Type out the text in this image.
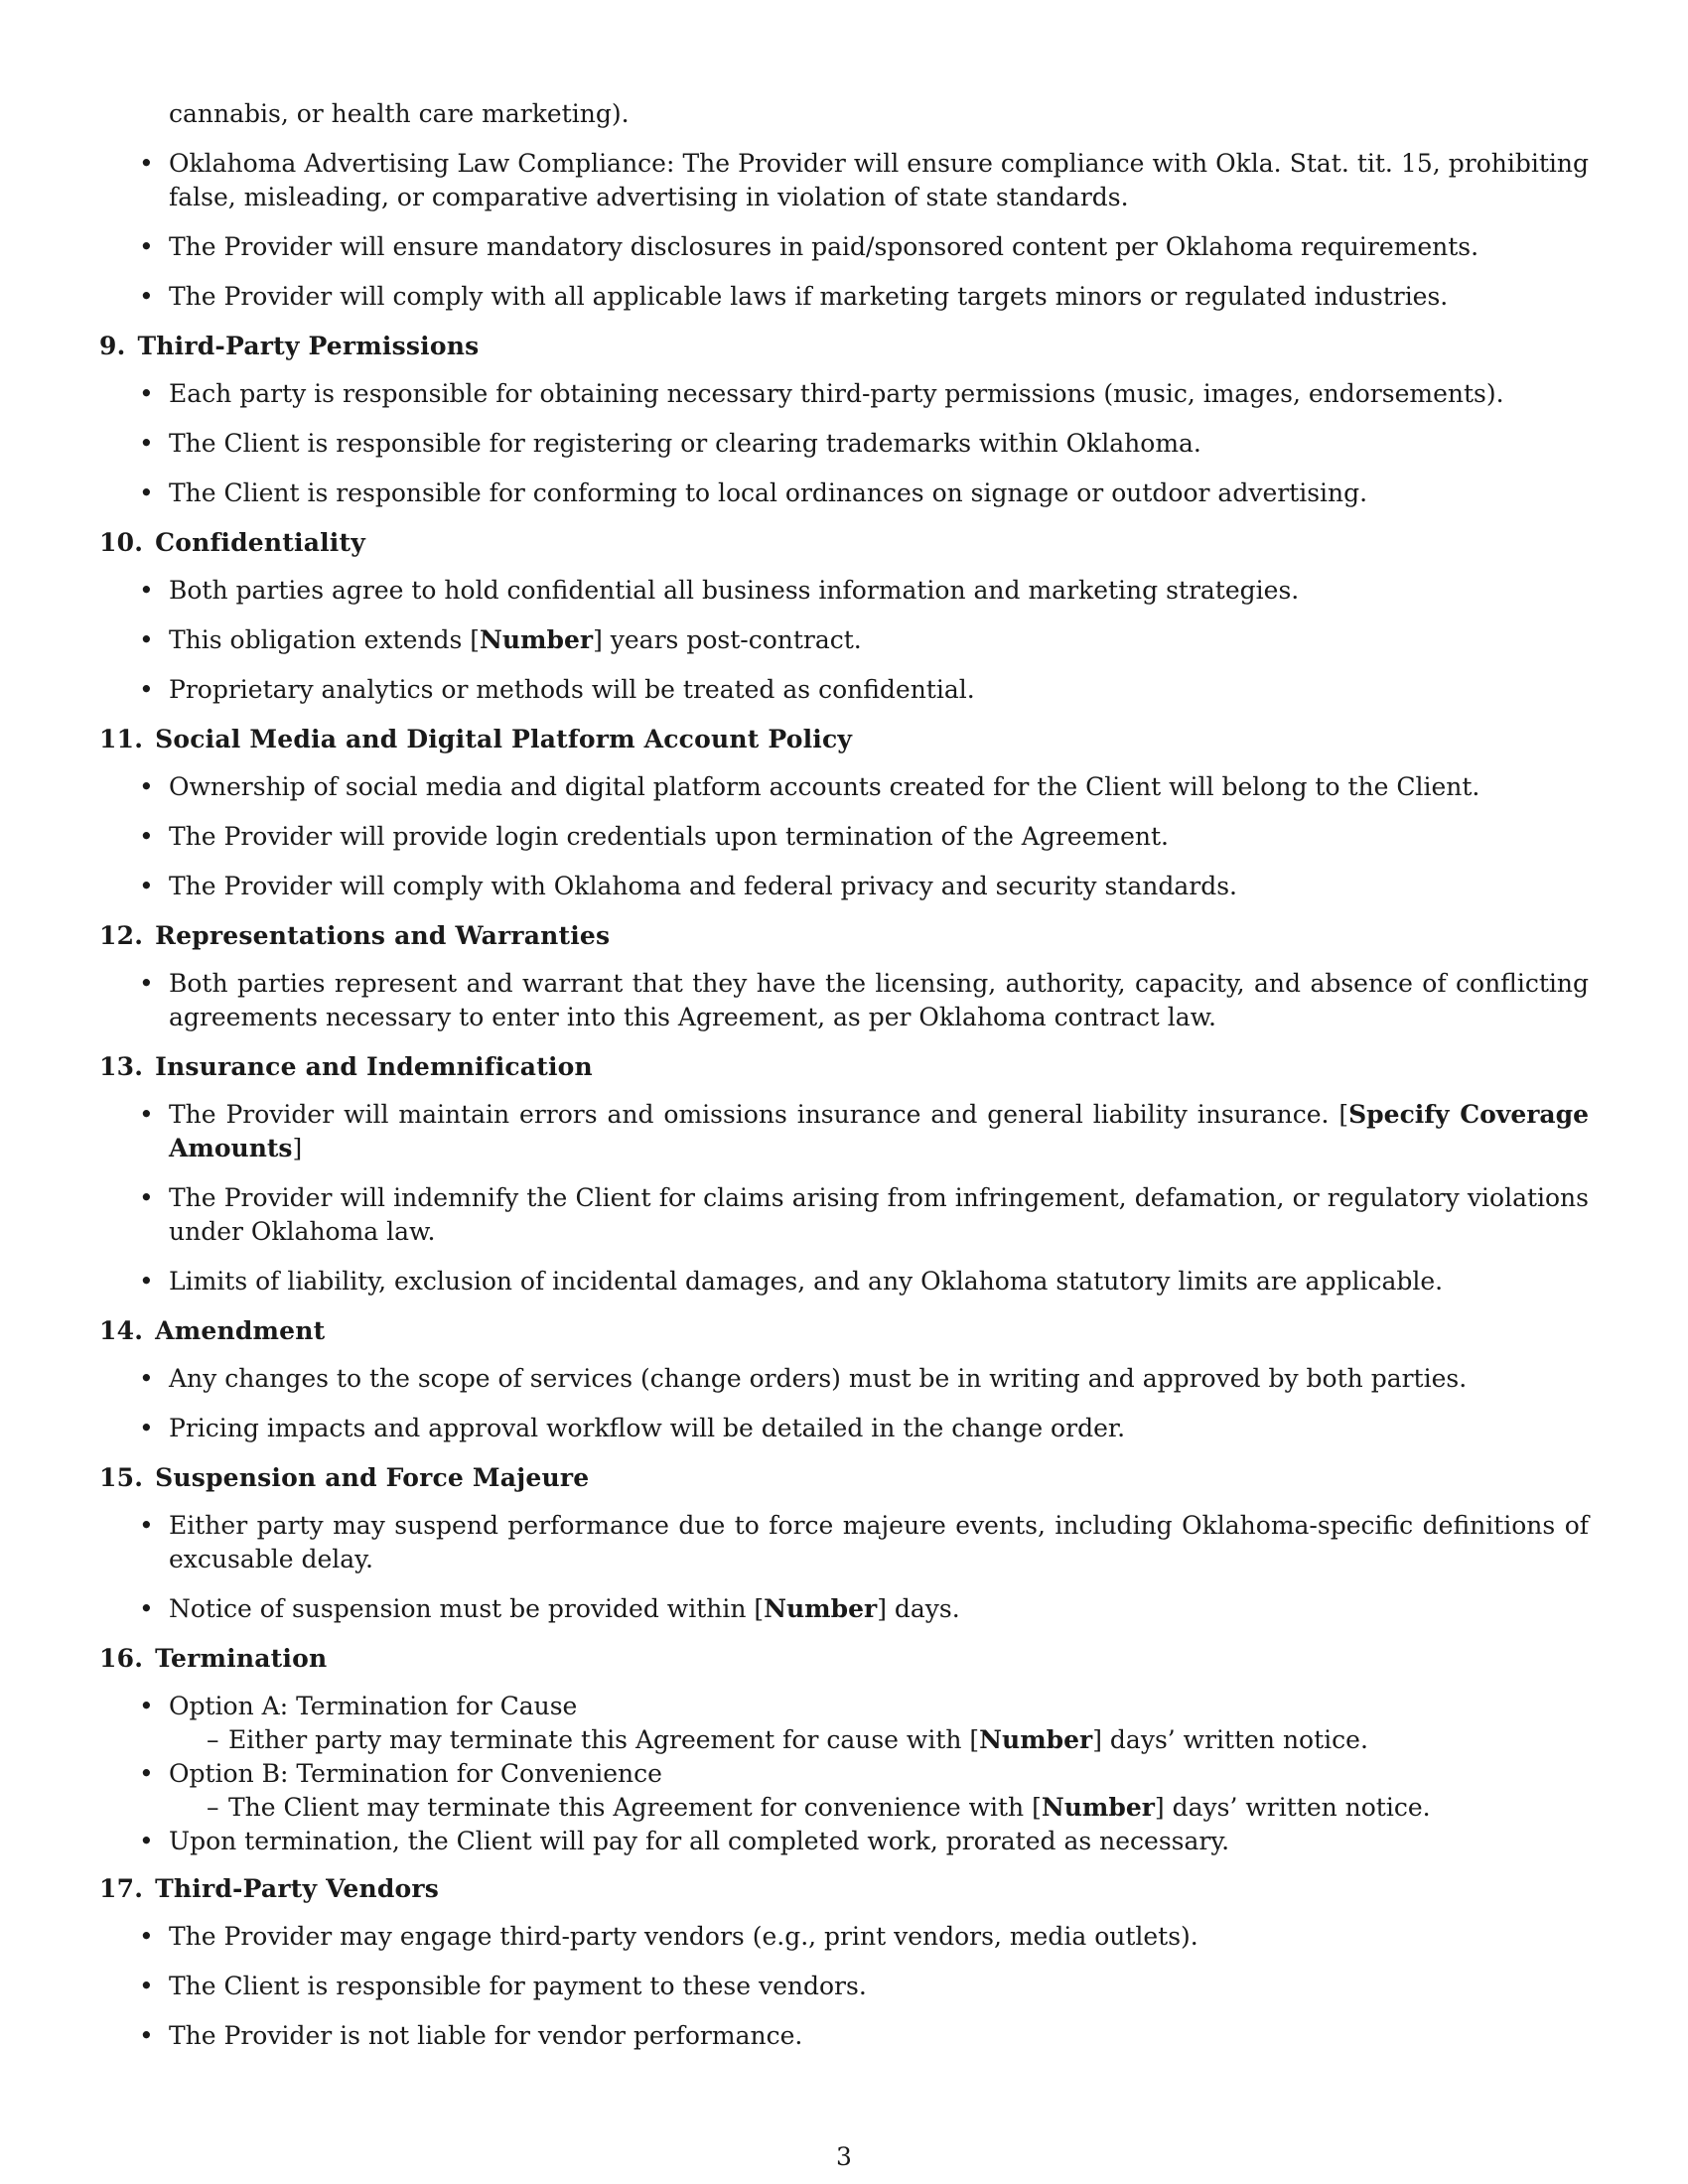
cannabis, or health care marketing).
• Oklahoma Advertising Law Compliance: The Provider will ensure compliance with Okla. Stat. tit. 15, prohibiting false, misleading, or comparative advertising in violation of state standards.
• The Provider will ensure mandatory disclosures in paid/sponsored content per Oklahoma requirements.
• The Provider will comply with all applicable laws if marketing targets minors or regulated industries.
9. Third-Party Permissions
• Each party is responsible for obtaining necessary third-party permissions (music, images, endorsements).
• The Client is responsible for registering or clearing trademarks within Oklahoma.
• The Client is responsible for conforming to local ordinances on signage or outdoor advertising.
10. Confidentiality
• Both parties agree to hold confidential all business information and marketing strategies.
• This obligation extends [Number] years post-contract.
• Proprietary analytics or methods will be treated as confidential.
11. Social Media and Digital Platform Account Policy
• Ownership of social media and digital platform accounts created for the Client will belong to the Client.
• The Provider will provide login credentials upon termination of the Agreement.
• The Provider will comply with Oklahoma and federal privacy and security standards.
12. Representations and Warranties
• Both parties represent and warrant that they have the licensing, authority, capacity, and absence of conflicting agreements necessary to enter into this Agreement, as per Oklahoma contract law.
13. Insurance and Indemnification
• The Provider will maintain errors and omissions insurance and general liability insurance. [Specify Coverage Amounts]
• The Provider will indemnify the Client for claims arising from infringement, defamation, or regulatory violations under Oklahoma law.
• Limits of liability, exclusion of incidental damages, and any Oklahoma statutory limits are applicable.
14. Amendment
• Any changes to the scope of services (change orders) must be in writing and approved by both parties.
• Pricing impacts and approval workflow will be detailed in the change order.
15. Suspension and Force Majeure
• Either party may suspend performance due to force majeure events, including Oklahoma-specific definitions of excusable delay.
• Notice of suspension must be provided within [Number] days.
16. Termination
• Option A: Termination for Cause
– Either party may terminate this Agreement for cause with [Number] days’ written notice.
• Option B: Termination for Convenience
– The Client may terminate this Agreement for convenience with [Number] days’ written notice.
• Upon termination, the Client will pay for all completed work, prorated as necessary.
17. Third-Party Vendors
• The Provider may engage third-party vendors (e.g., print vendors, media outlets).
• The Client is responsible for payment to these vendors.
• The Provider is not liable for vendor performance.
3
